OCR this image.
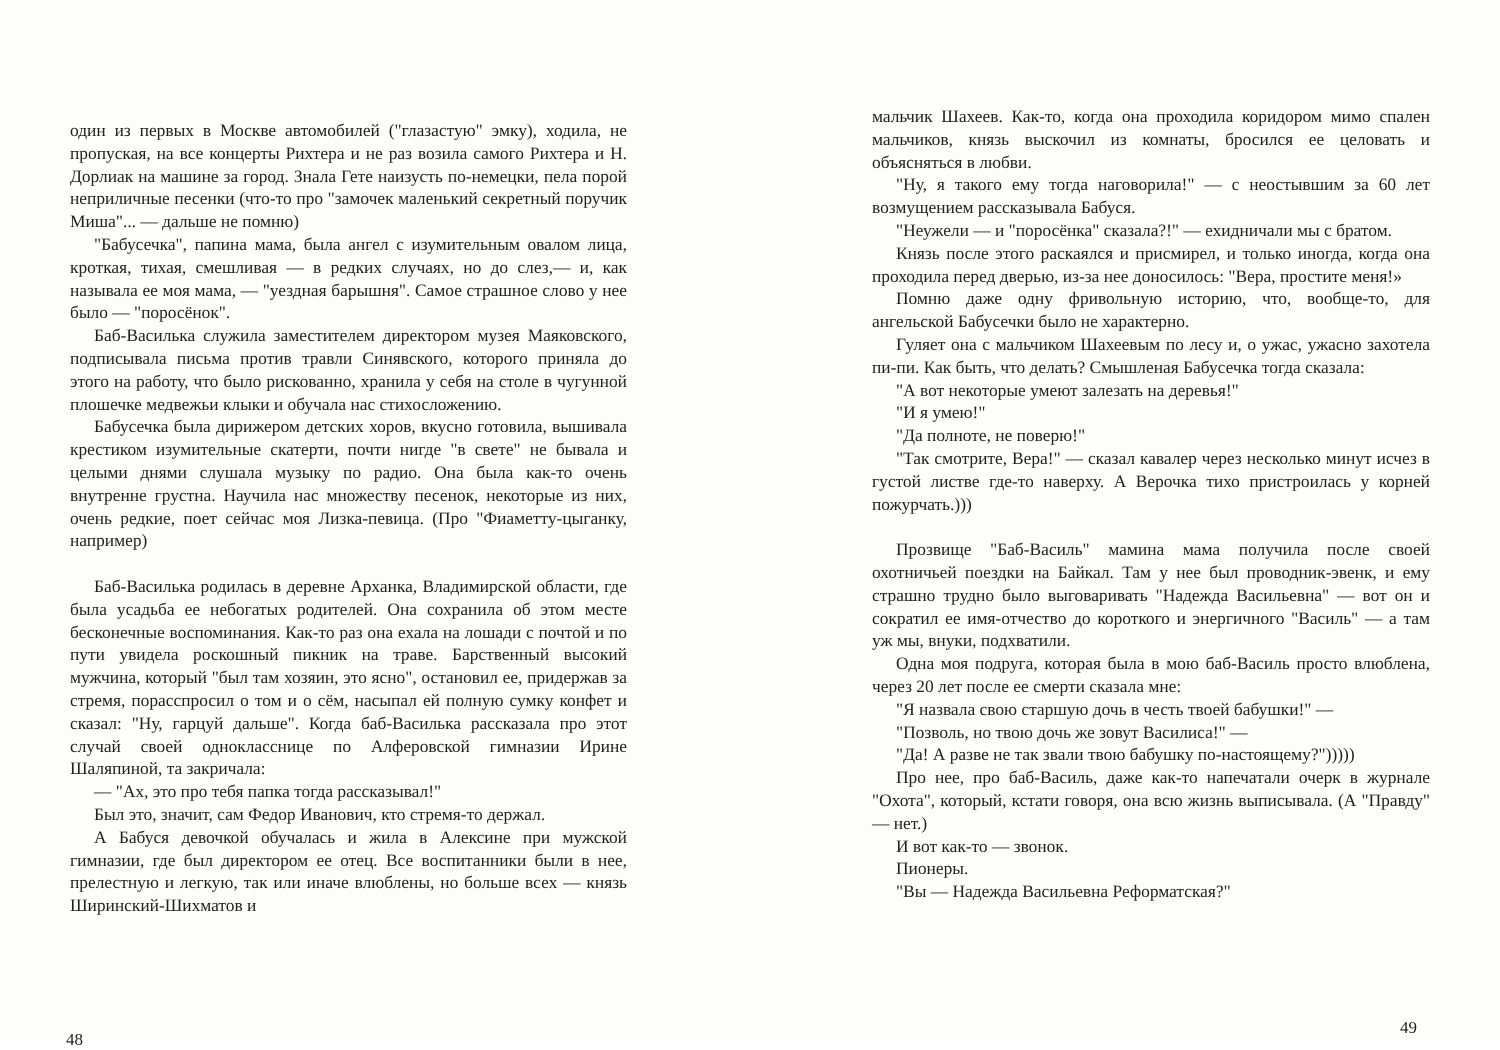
один из первых в Москве автомобилей ("глазастую" эмку), ходила, не пропуская, на все концерты Рихтера и не раз возила самого Рихтера и Н. Дорлиак на машине за город. Знала Гете наизусть по-немецки, пела порой неприличные песенки (что-то про "замочек маленький секретный поручик Миша"... — дальше не помню)

"Бабусечка", папина мама, была ангел с изумительным овалом лица, кроткая, тихая, смешливая — в редких случаях, но до слез,— и, как называла ее моя мама, — "уездная барышня". Самое страшное слово у нее было — "поросёнок".

Баб-Василька служила заместителем директором музея Маяковского, подписывала письма против травли Синявского, которого приняла до этого на работу, что было рискованно, хранила у себя на столе в чугунной плошечке медвежьи клыки и обучала нас стихосложению.

Бабусечка была дирижером детских хоров, вкусно готовила, вышивала крестиком изумительные скатерти, почти нигде "в свете" не бывала и целыми днями слушала музыку по радио. Она была как-то очень внутренне грустна. Научила нас множеству песенок, некоторые из них, очень редкие, поет сейчас моя Лизка-певица. (Про "Фиаметту-цыганку, например)

Баб-Василька родилась в деревне Арханка, Владимирской области, где была усадьба ее небогатых родителей. Она сохранила об этом месте бесконечные воспоминания. Как-то раз она ехала на лошади с почтой и по пути увидела роскошный пикник на траве. Барственный высокий мужчина, который "был там хозяин, это ясно", остановил ее, придержав за стремя, порасспросил о том и о сём, насыпал ей полную сумку конфет и сказал: "Ну, гарцуй дальше". Когда баб-Василька рассказала про этот случай своей однокласснице по Алферовской гимназии Ирине Шаляпиной, та закричала:

— "Ах, это про тебя папка тогда рассказывал!"

Был это, значит, сам Федор Иванович, кто стремя-то держал.

А Бабуся девочкой обучалась и жила в Алексине при мужской гимназии, где был директором ее отец. Все воспитанники были в нее, прелестную и легкую, так или иначе влюблены, но больше всех — князь Ширинский-Шихматов и

48

мальчик Шахеев. Как-то, когда она проходила коридором мимо спален мальчиков, князь выскочил из комнаты, бросился ее целовать и объясняться в любви.

"Ну, я такого ему тогда наговорила!" — с неостывшим за 60 лет возмущением рассказывала Бабуся.

"Неужели — и "поросёнка" сказала?!" — ехидничали мы с братом.

Князь после этого раскаялся и присмирел, и только иногда, когда она проходила перед дверью, из-за нее доносилось: "Вера, простите меня!»

Помню даже одну фривольную историю, что, вообще-то, для ангельской Бабусечки было не характерно.

Гуляет она с мальчиком Шахеевым по лесу и, о ужас, ужасно захотела пи-пи. Как быть, что делать? Смышленая Бабусечка тогда сказала:

"А вот некоторые умеют залезать на деревья!"

"И я умею!"

"Да полноте, не поверю!"

"Так смотрите, Вера!" — сказал кавалер через несколько минут исчез в густой листве где-то наверху. А Верочка тихо пристроилась у корней пожурчать.)))

Прозвище "Баб-Василь" мамина мама получила после своей охотничьей поездки на Байкал. Там у нее был проводник-эвенк, и ему страшно трудно было выговаривать "Надежда Васильевна" — вот он и сократил ее имя-отчество до короткого и энергичного "Василь" — а там уж мы, внуки, подхватили.

Одна моя подруга, которая была в мою баб-Василь просто влюблена, через 20 лет после ее смерти сказала мне:

"Я назвала свою старшую дочь в честь твоей бабушки!" —

"Позволь, но твою дочь же зовут Василиса!" —

"Да! А разве не так звали твою бабушку по-настоящему?")))))

Про нее, про баб-Василь, даже как-то напечатали очерк в журнале "Охота", который, кстати говоря, она всю жизнь выписывала. (А "Правду" — нет.)

И вот как-то — звонок.

Пионеры.

"Вы — Надежда Васильевна Реформатская?"

49
